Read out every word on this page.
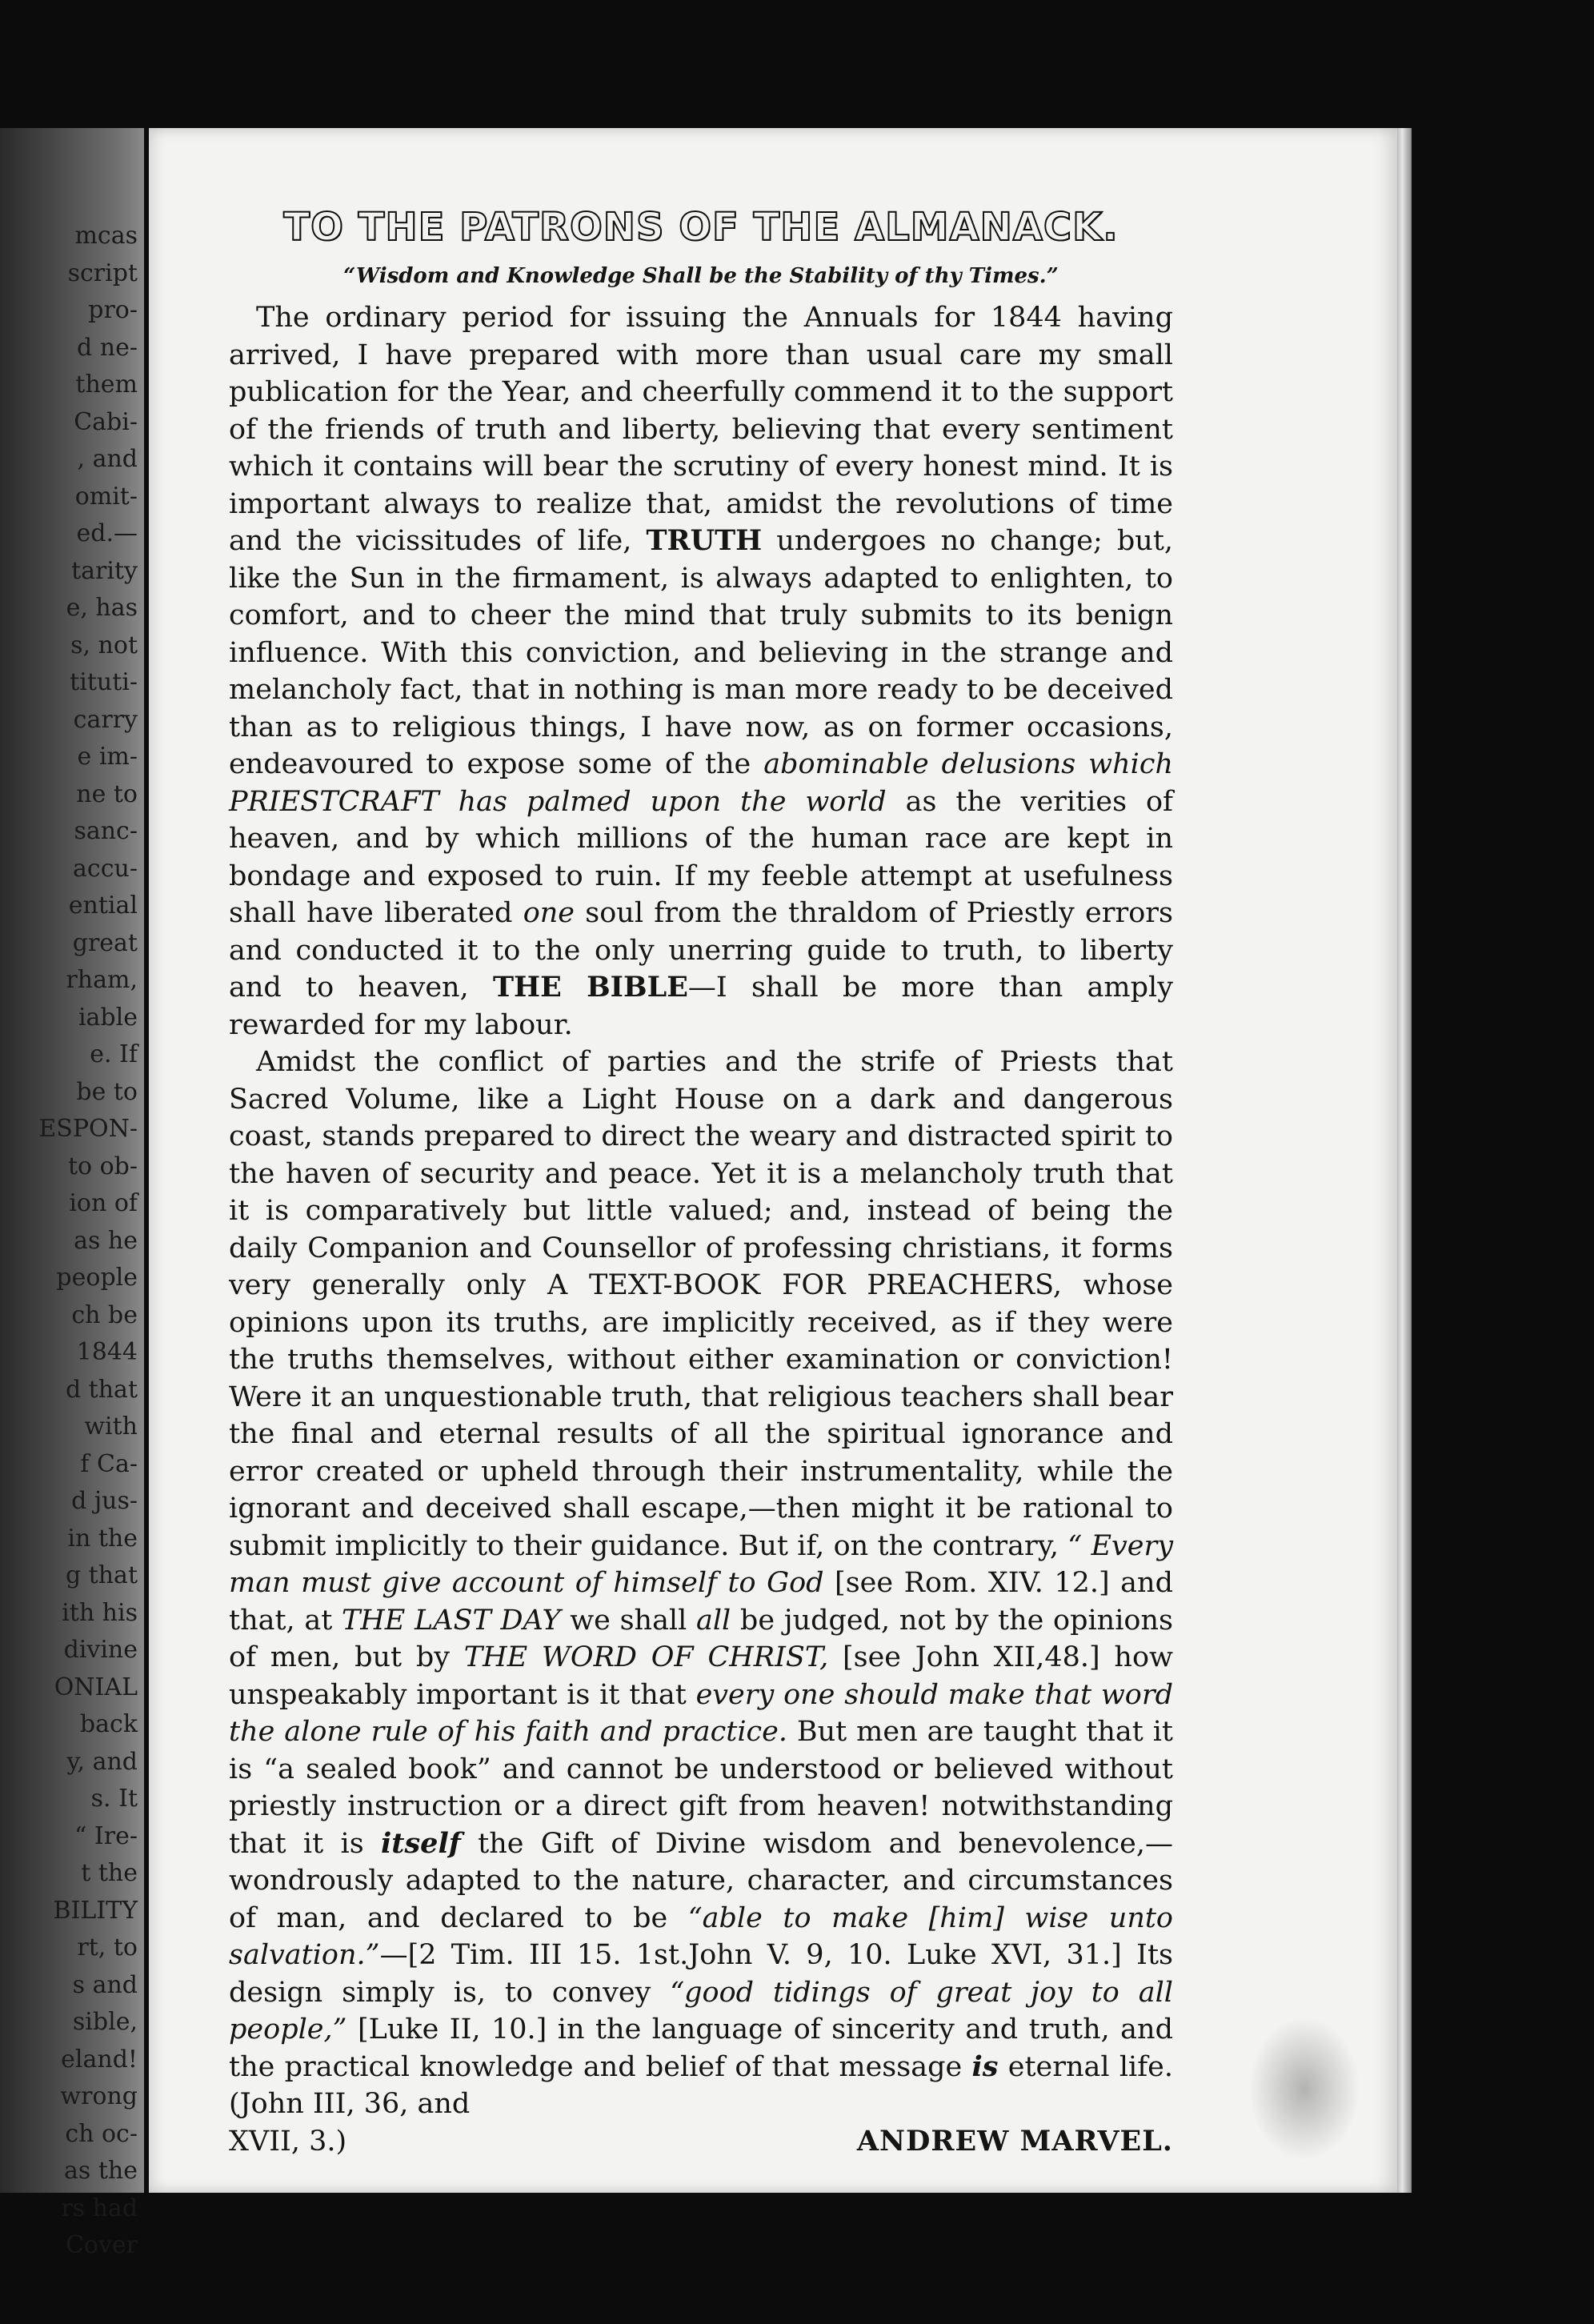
mcas
script
pro-
d ne-
them
Cabi-
, and
omit-
ed.—
tarity
e, has
s, not
tituti-
carry
e im-
ne to
sanc-
accu-
ential
great
rham,
iable
e. If
be to
ESPON-
to ob-
ion of
as he
people
ch be
1844
d that
with
f Ca-
d jus-
in the
g that
ith his
divine
ONIAL
back
y, and
s. It
“ Ire-
t the
BILITY
rt, to
s and
sible,
eland!
wrong
ch oc-
as the
rs had
Cover
TO THE PATRONS OF THE ALMANACK.
“Wisdom and Knowledge Shall be the Stability of thy Times.”

The ordinary period for issuing the Annuals for 1844 having arrived, I have prepared with more than usual care my small publication for the Year, and cheerfully commend it to the support of the friends of truth and liberty, believing that every sentiment which it contains will bear the scrutiny of every honest mind. It is important always to realize that, amidst the revolutions of time and the vicissitudes of life, TRUTH undergoes no change; but, like the Sun in the firmament, is always adapted to enlighten, to comfort, and to cheer the mind that truly submits to its benign influence. With this conviction, and believing in the strange and melancholy fact, that in nothing is man more ready to be deceived than as to religious things, I have now, as on former occasions, endeavoured to expose some of the abominable delusions which PRIESTCRAFT has palmed upon the world as the verities of heaven, and by which millions of the human race are kept in bondage and exposed to ruin. If my feeble attempt at usefulness shall have liberated one soul from the thraldom of Priestly errors and conducted it to the only unerring guide to truth, to liberty and to heaven, THE BIBLE—I shall be more than amply rewarded for my labour.

Amidst the conflict of parties and the strife of Priests that Sacred Volume, like a Light House on a dark and dangerous coast, stands prepared to direct the weary and distracted spirit to the haven of security and peace. Yet it is a melancholy truth that it is comparatively but little valued; and, instead of being the daily Companion and Counsellor of professing christians, it forms very generally only A TEXT-BOOK FOR PREACHERS, whose opinions upon its truths, are implicitly received, as if they were the truths themselves, without either examination or conviction! Were it an unquestionable truth, that religious teachers shall bear the final and eternal results of all the spiritual ignorance and error created or upheld through their instrumentality, while the ignorant and deceived shall escape,—then might it be rational to submit implicitly to their guidance. But if, on the contrary, “ Every man must give account of himself to God [see Rom. XIV. 12.] and that, at THE LAST DAY we shall all be judged, not by the opinions of men, but by THE WORD OF CHRIST, [see John XII,48.] how unspeakably important is it that every one should make that word the alone rule of his faith and practice. But men are taught that it is “a sealed book” and cannot be understood or believed without priestly instruction or a direct gift from heaven! notwithstanding that it is itself the Gift of Divine wisdom and benevolence,—wondrously adapted to the nature, character, and circumstances of man, and declared to be “able to make [him] wise unto salvation.”—[2 Tim. III 15. 1st.John V. 9, 10. Luke XVI, 31.] Its design simply is, to convey “good tidings of great joy to all people,” [Luke II, 10.] in the language of sincerity and truth, and the practical knowledge and belief of that message is eternal life. (John III, 36, and

XVII, 3.)	ANDREW MARVEL.
